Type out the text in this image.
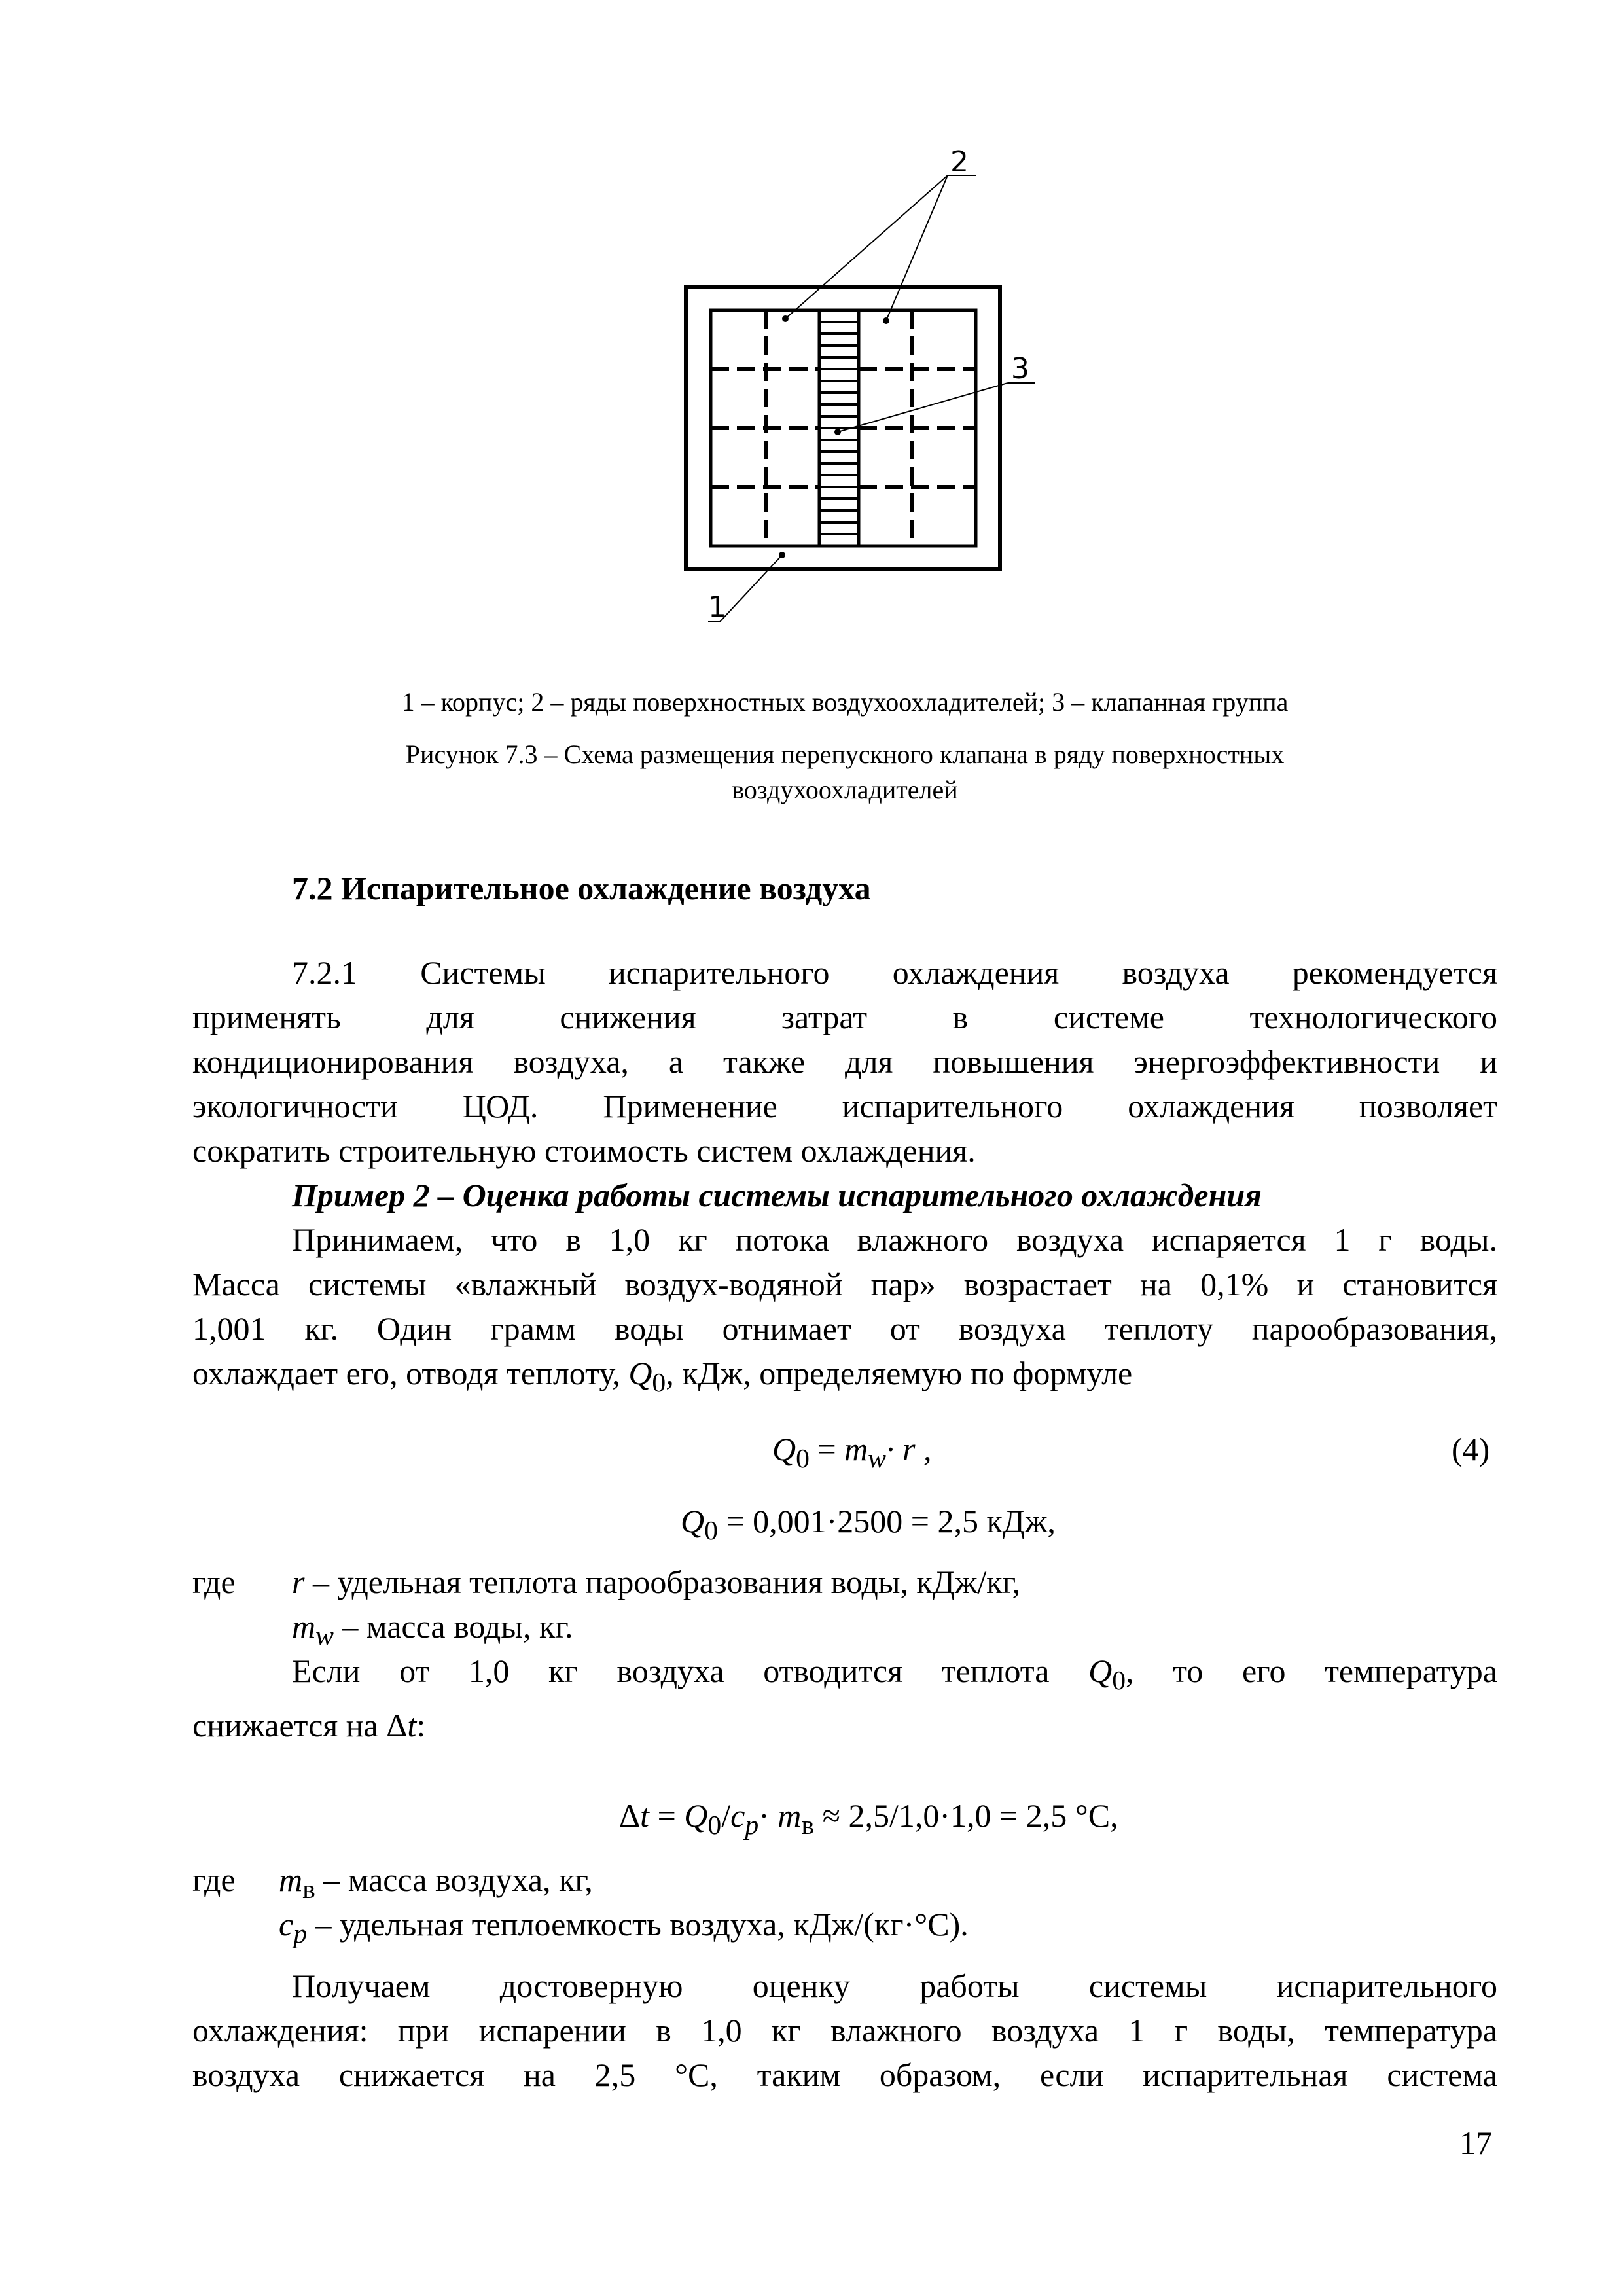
2
3
1
1 – корпус; 2 – ряды поверхностных воздухоохладителей; 3 – клапанная группа
Рисунок 7.3 – Схема размещения перепускного клапана в ряду поверхностных
воздухоохладителей
7.2 Испарительное охлаждение воздуха
7.2.1 Системы испарительного охлаждения воздуха рекомендуется
применять для снижения затрат в системе технологического
кондиционирования воздуха, а также для повышения энергоэффективности и
экологичности ЦОД. Применение испарительного охлаждения позволяет
сократить строительную стоимость систем охлаждения.
Пример 2 – Оценка работы системы испарительного охлаждения
Принимаем, что в 1,0 кг потока влажного воздуха испаряется 1 г воды.
Масса системы «влажный воздух-водяной пар» возрастает на 0,1% и становится
1,001 кг. Один грамм воды отнимает от воздуха теплоту парообразования,
охлаждает его, отводя теплоту, $Q_0$, кДж, определяемую по формуле
$Q_0 = m_w\cdot r$ ,	(4)
$Q_0 = 0,001\cdot 2500 = 2,5$ кДж,
где r – удельная теплота парообразования воды, кДж/кг,
$m_w$ – масса воды, кг.
Если от 1,0 кг воздуха отводится теплота $Q_0$, то его температура
снижается на Δt:
$\Delta t = Q_0/c_p\cdot m_в \approx 2,5/1,0\cdot 1,0 = 2,5$ °С,
где $m_в$ – масса воздуха, кг,
$c_p$ – удельная теплоемкость воздуха, кДж/(кг·°С).
Получаем достоверную оценку работы системы испарительного
охлаждения: при испарении в 1,0 кг влажного воздуха 1 г воды, температура
воздуха снижается на 2,5 °С, таким образом, если испарительная система
17
